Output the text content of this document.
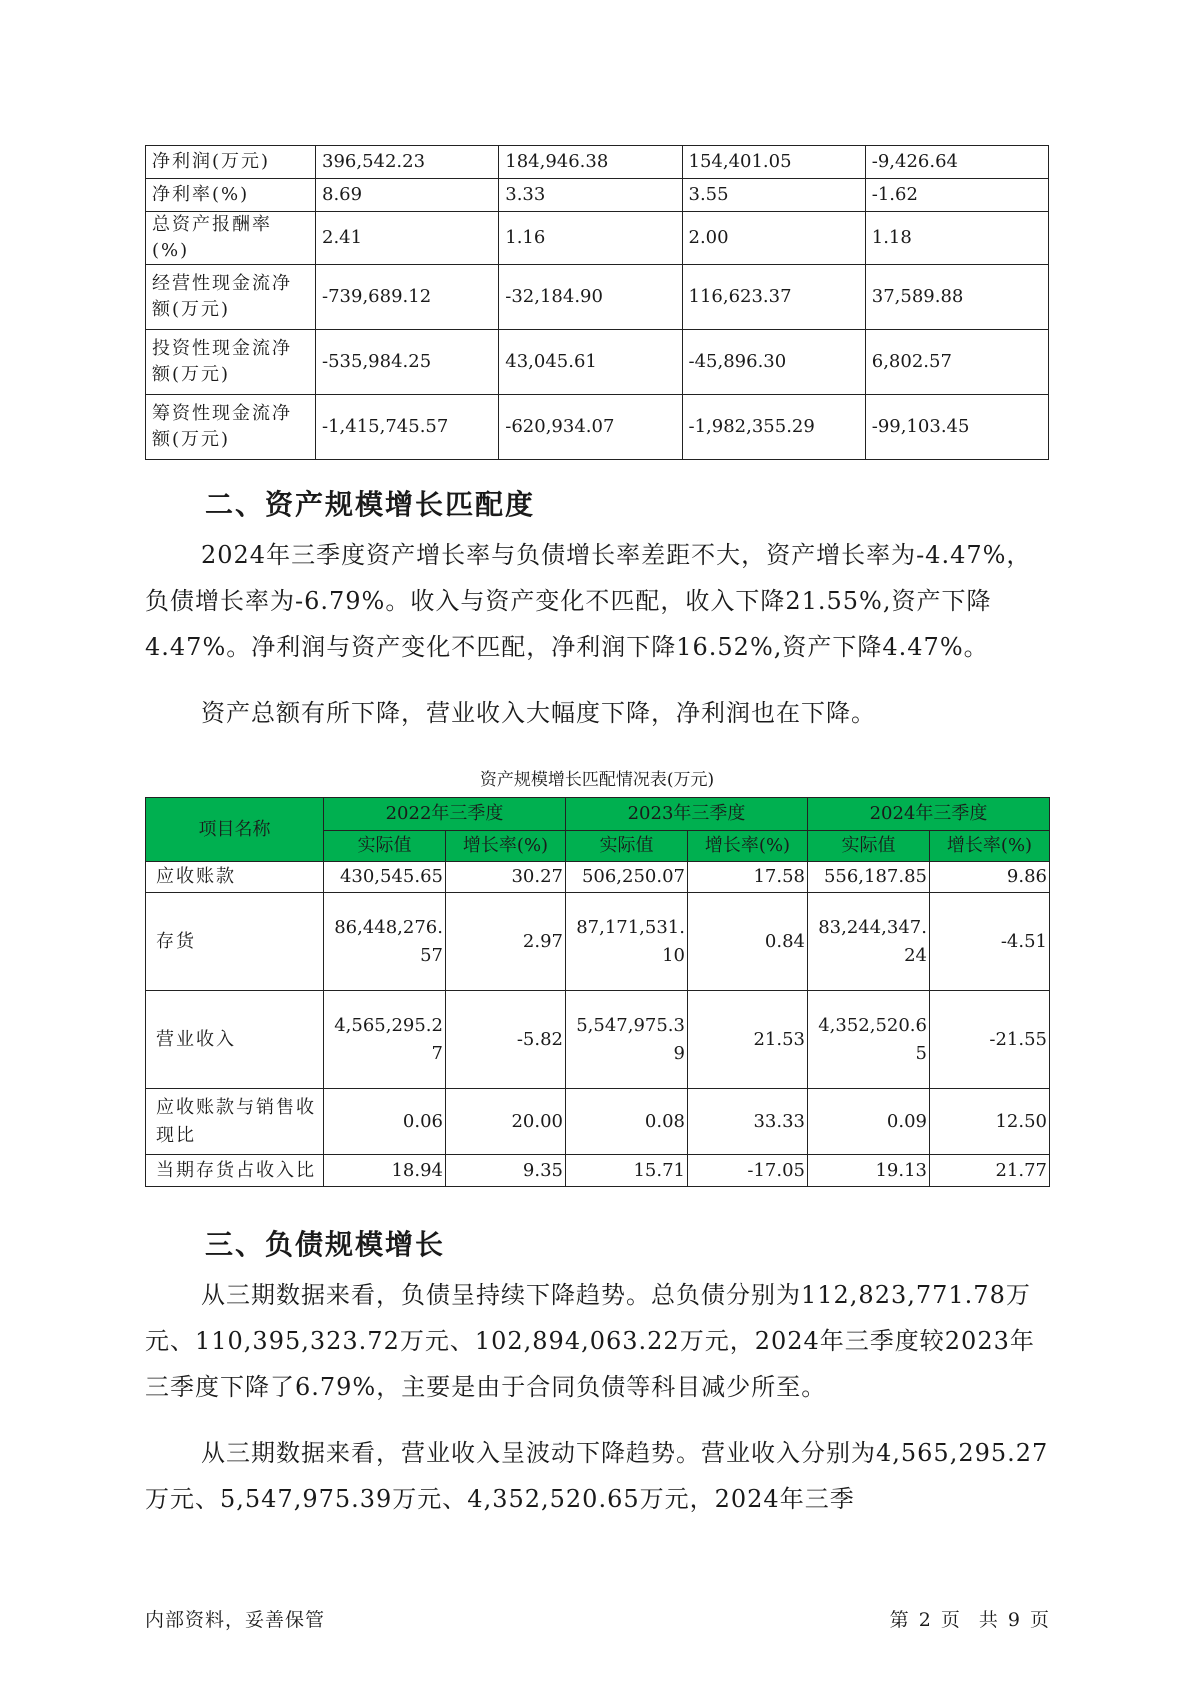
净利润(万元)	396,542.23	184,946.38	154,401.05	-9,426.64
净利率(%)	8.69	3.33	3.55	-1.62
总资产报酬率(%)	2.41	1.16	2.00	1.18
经营性现金流净额(万元)	-739,689.12	-32,184.90	116,623.37	37,589.88
投资性现金流净额(万元)	-535,984.25	43,045.61	-45,896.30	6,802.57
筹资性现金流净额(万元)	-1,415,745.57	-620,934.07	-1,982,355.29	-99,103.45
二、资产规模增长匹配度

2024年三季度资产增长率与负债增长率差距不大，资产增长率为-4.47%，负债增长率为-6.79%。收入与资产变化不匹配，收入下降21.55%,资产下降4.47%。净利润与资产变化不匹配，净利润下降16.52%,资产下降4.47%。

资产总额有所下降，营业收入大幅度下降，净利润也在下降。

资产规模增长匹配情况表(万元)
项目名称	2022年三季度		2023年三季度		2024年三季度	
	实际值	增长率(%)	实际值	增长率(%)	实际值	增长率(%)
应收账款	430,545.65	30.27	506,250.07	17.58	556,187.85	9.86
存货	86,448,276.57	2.97	87,171,531.10	0.84	83,244,347.24	-4.51
营业收入	4,565,295.27	-5.82	5,547,975.39	21.53	4,352,520.65	-21.55
应收账款与销售收现比	0.06	20.00	0.08	33.33	0.09	12.50
当期存货占收入比	18.94	9.35	15.71	-17.05	19.13	21.77
三、负债规模增长

从三期数据来看，负债呈持续下降趋势。总负债分别为112,823,771.78万元、110,395,323.72万元、102,894,063.22万元，2024年三季度较2023年三季度下降了6.79%，主要是由于合同负债等科目减少所至。

从三期数据来看，营业收入呈波动下降趋势。营业收入分别为4,565,295.27万元、5,547,975.39万元、4,352,520.65万元，2024年三季

内部资料，妥善保管	第 2 页　共 9 页
